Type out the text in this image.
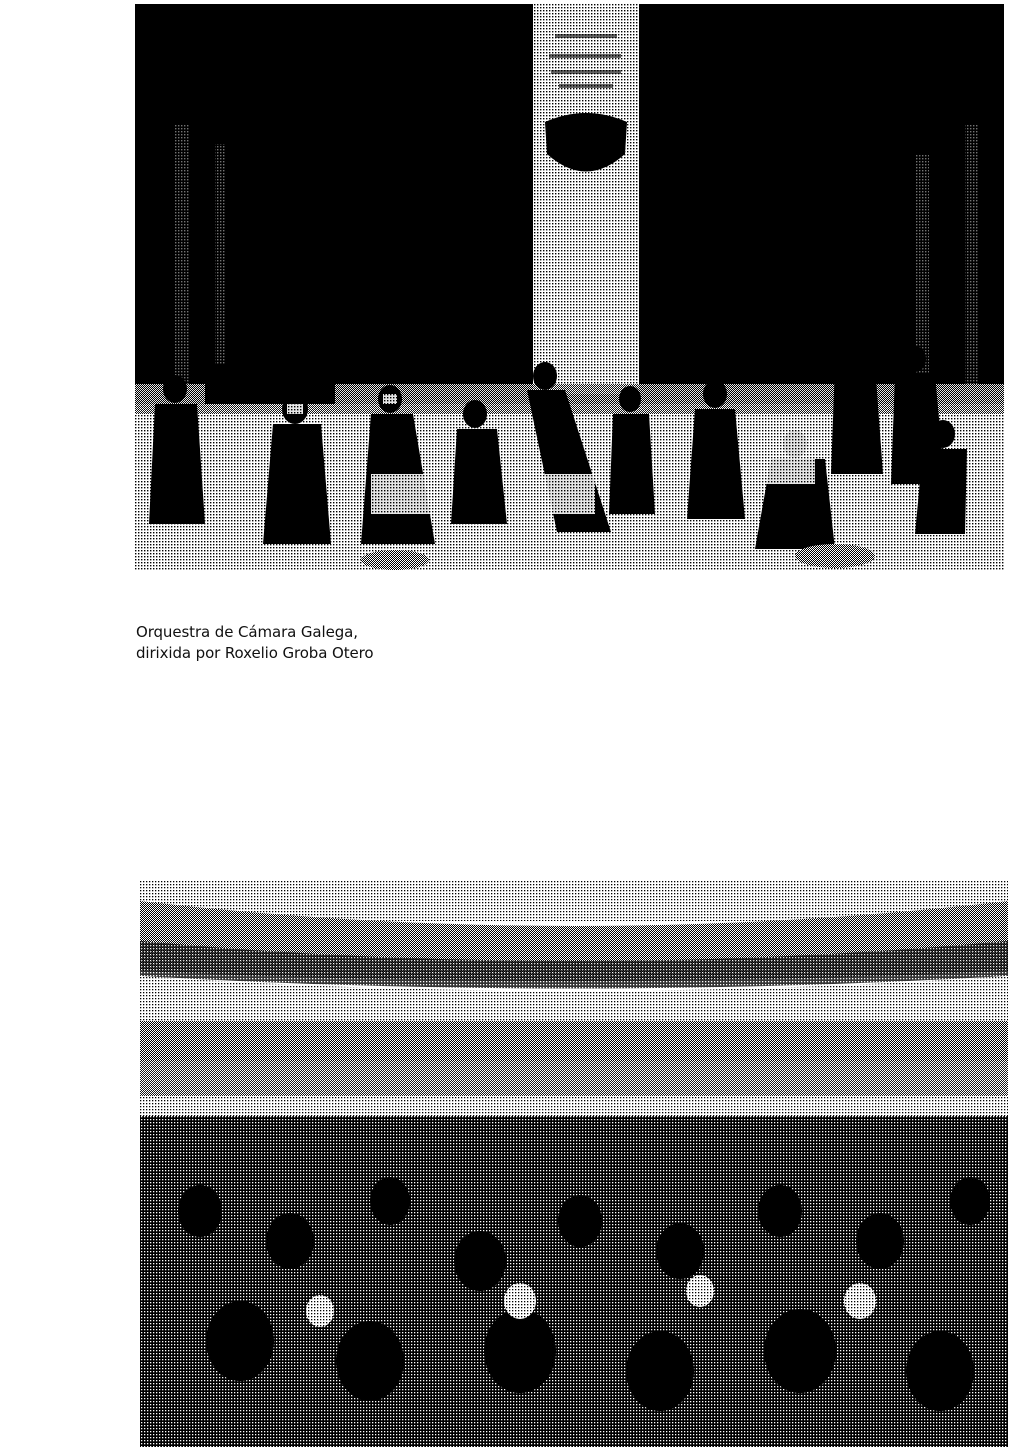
Orquestra de Cámara Galega,
dirixida por Roxelio Groba Otero
